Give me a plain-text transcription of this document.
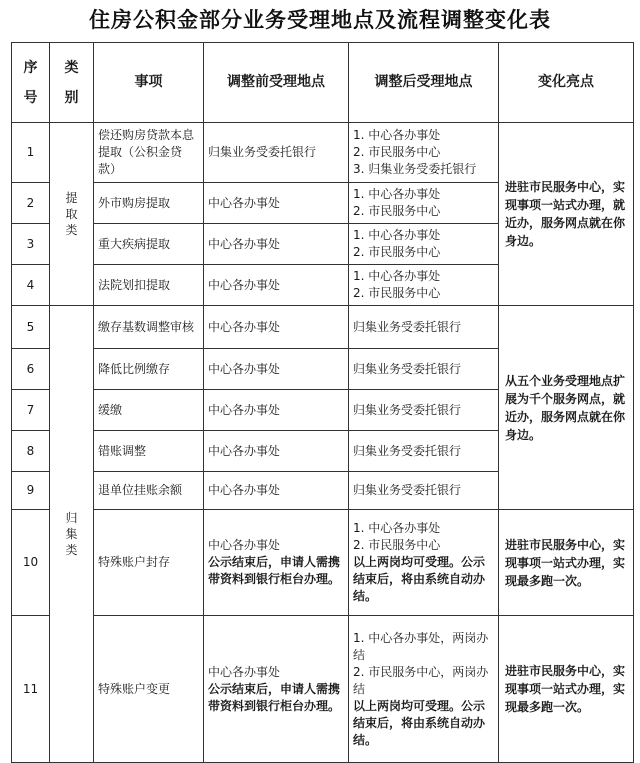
住房公积金部分业务受理地点及流程调整变化表
序
号	类
别	事项	调整前受理地点	调整后受理地点	变化亮点
1	提取类	偿还购房贷款本息提取（公积金贷款）	归集业务受委托银行	1. 中心各办事处
2. 市民服务中心
3. 归集业务受委托银行	进驻市民服务中心，实现事项一站式办理，就近办，服务网点就在你身边。
2		外市购房提取	中心各办事处	1. 中心各办事处
2. 市民服务中心	

3		重大疾病提取	中心各办事处	1. 中心各办事处
2. 市民服务中心	

4		法院划扣提取	中心各办事处	1. 中心各办事处
2. 市民服务中心	

5	归集类	缴存基数调整审核	中心各办事处	归集业务受委托银行	从五个业务受理地点扩展为千个服务网点，就近办，服务网点就在你身边。
6		降低比例缴存	中心各办事处	归集业务受委托银行	
7		缓缴	中心各办事处	归集业务受委托银行	
8		错账调整	中心各办事处	归集业务受委托银行	
9		退单位挂账余额	中心各办事处	归集业务受委托银行	
10		特殊账户封存	中心各办事处
公示结束后，申请人需携带资料到银行柜台办理。	1. 中心各办事处
2. 市民服务中心
以上两岗均可受理。公示结束后，将由系统自动办结。	进驻市民服务中心，实现事项一站式办理，实现最多跑一次。
11		特殊账户变更	中心各办事处
公示结束后，申请人需携带资料到银行柜台办理。	1. 中心各办事处，两岗办结
2. 市民服务中心，两岗办结
以上两岗均可受理。公示结束后，将由系统自动办结。	进驻市民服务中心，实现事项一站式办理，实现最多跑一次。
